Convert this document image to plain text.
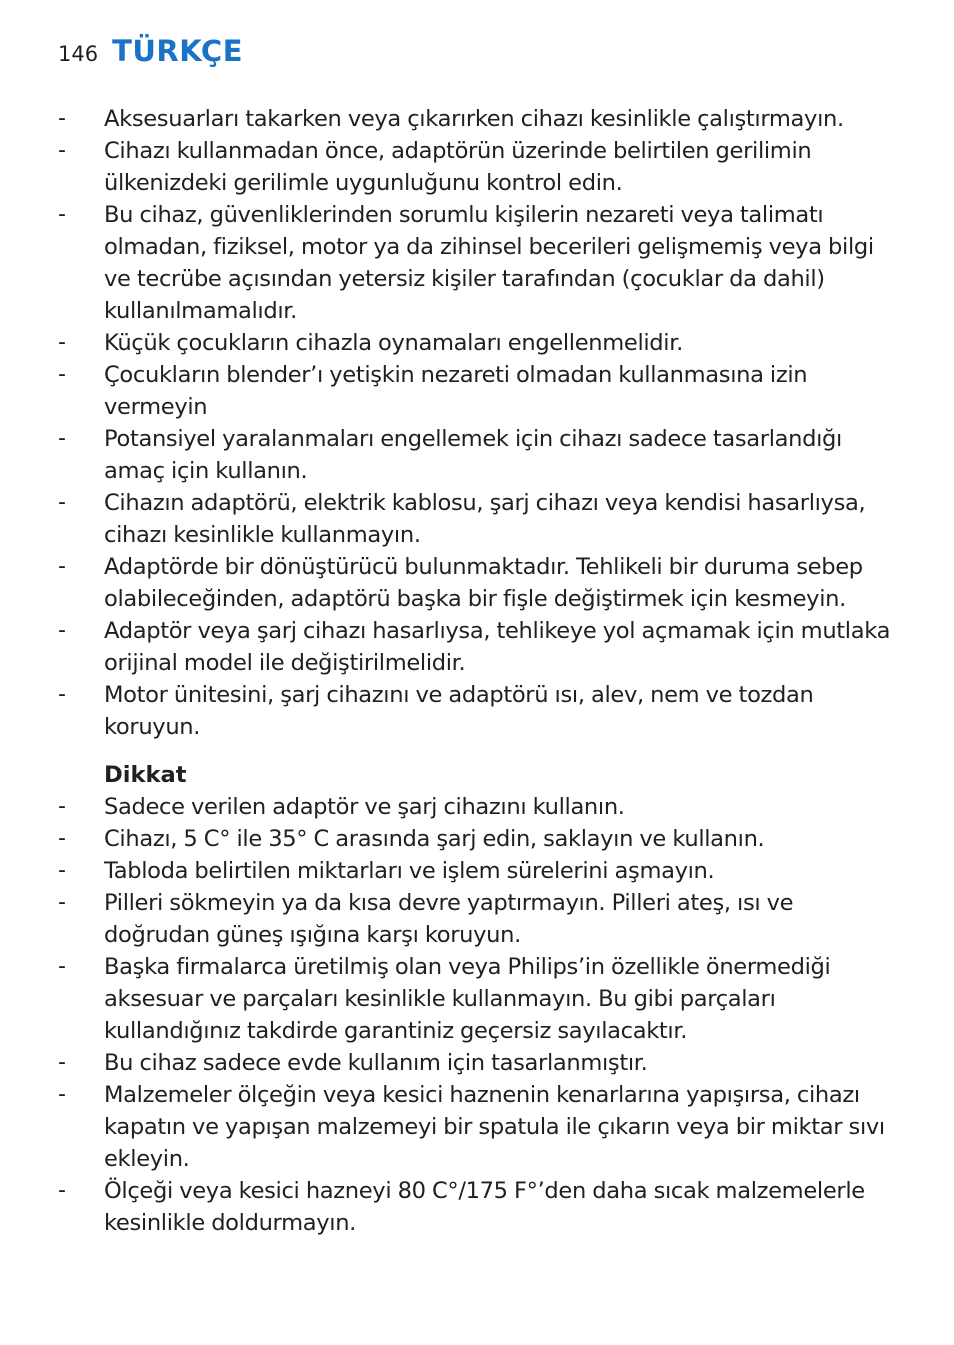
146 TÜRKÇE
- Aksesuarları takarken veya çıkarırken cihazı kesinlikle çalıştırmayın.
- Cihazı kullanmadan önce, adaptörün üzerinde belirtilen gerilimin ülkenizdeki gerilimle uygunluğunu kontrol edin.
- Bu cihaz, güvenliklerinden sorumlu kişilerin nezareti veya talimatı olmadan, fiziksel, motor ya da zihinsel becerileri gelişmemiş veya bilgi ve tecrübe açısından yetersiz kişiler tarafından (çocuklar da dahil) kullanılmamalıdır.
- Küçük çocukların cihazla oynamaları engellenmelidir.
- Çocukların blender’ı yetişkin nezareti olmadan kullanmasına izin vermeyin
- Potansiyel yaralanmaları engellemek için cihazı sadece tasarlandığı amaç için kullanın.
- Cihazın adaptörü, elektrik kablosu, şarj cihazı veya kendisi hasarlıysa, cihazı kesinlikle kullanmayın.
- Adaptörde bir dönüştürücü bulunmaktadır. Tehlikeli bir duruma sebep olabileceğinden, adaptörü başka bir fişle değiştirmek için kesmeyin.
- Adaptör veya şarj cihazı hasarlıysa, tehlikeye yol açmamak için mutlaka orijinal model ile değiştirilmelidir.
- Motor ünitesini, şarj cihazını ve adaptörü ısı, alev, nem ve tozdan koruyun.
Dikkat
- Sadece verilen adaptör ve şarj cihazını kullanın.
- Cihazı, 5 C° ile 35° C arasında şarj edin, saklayın ve kullanın.
- Tabloda belirtilen miktarları ve işlem sürelerini aşmayın.
- Pilleri sökmeyin ya da kısa devre yaptırmayın. Pilleri ateş, ısı ve doğrudan güneş ışığına karşı koruyun.
- Başka firmalarca üretilmiş olan veya Philips’in özellikle önermediği aksesuar ve parçaları kesinlikle kullanmayın. Bu gibi parçaları kullandığınız takdirde garantiniz geçersiz sayılacaktır.
- Bu cihaz sadece evde kullanım için tasarlanmıştır.
- Malzemeler ölçeğin veya kesici haznenin kenarlarına yapışırsa, cihazı kapatın ve yapışan malzemeyi bir spatula ile çıkarın veya bir miktar sıvı ekleyin.
- Ölçeği veya kesici hazneyi 80 C°/175 F°’den daha sıcak malzemelerle kesinlikle doldurmayın.
